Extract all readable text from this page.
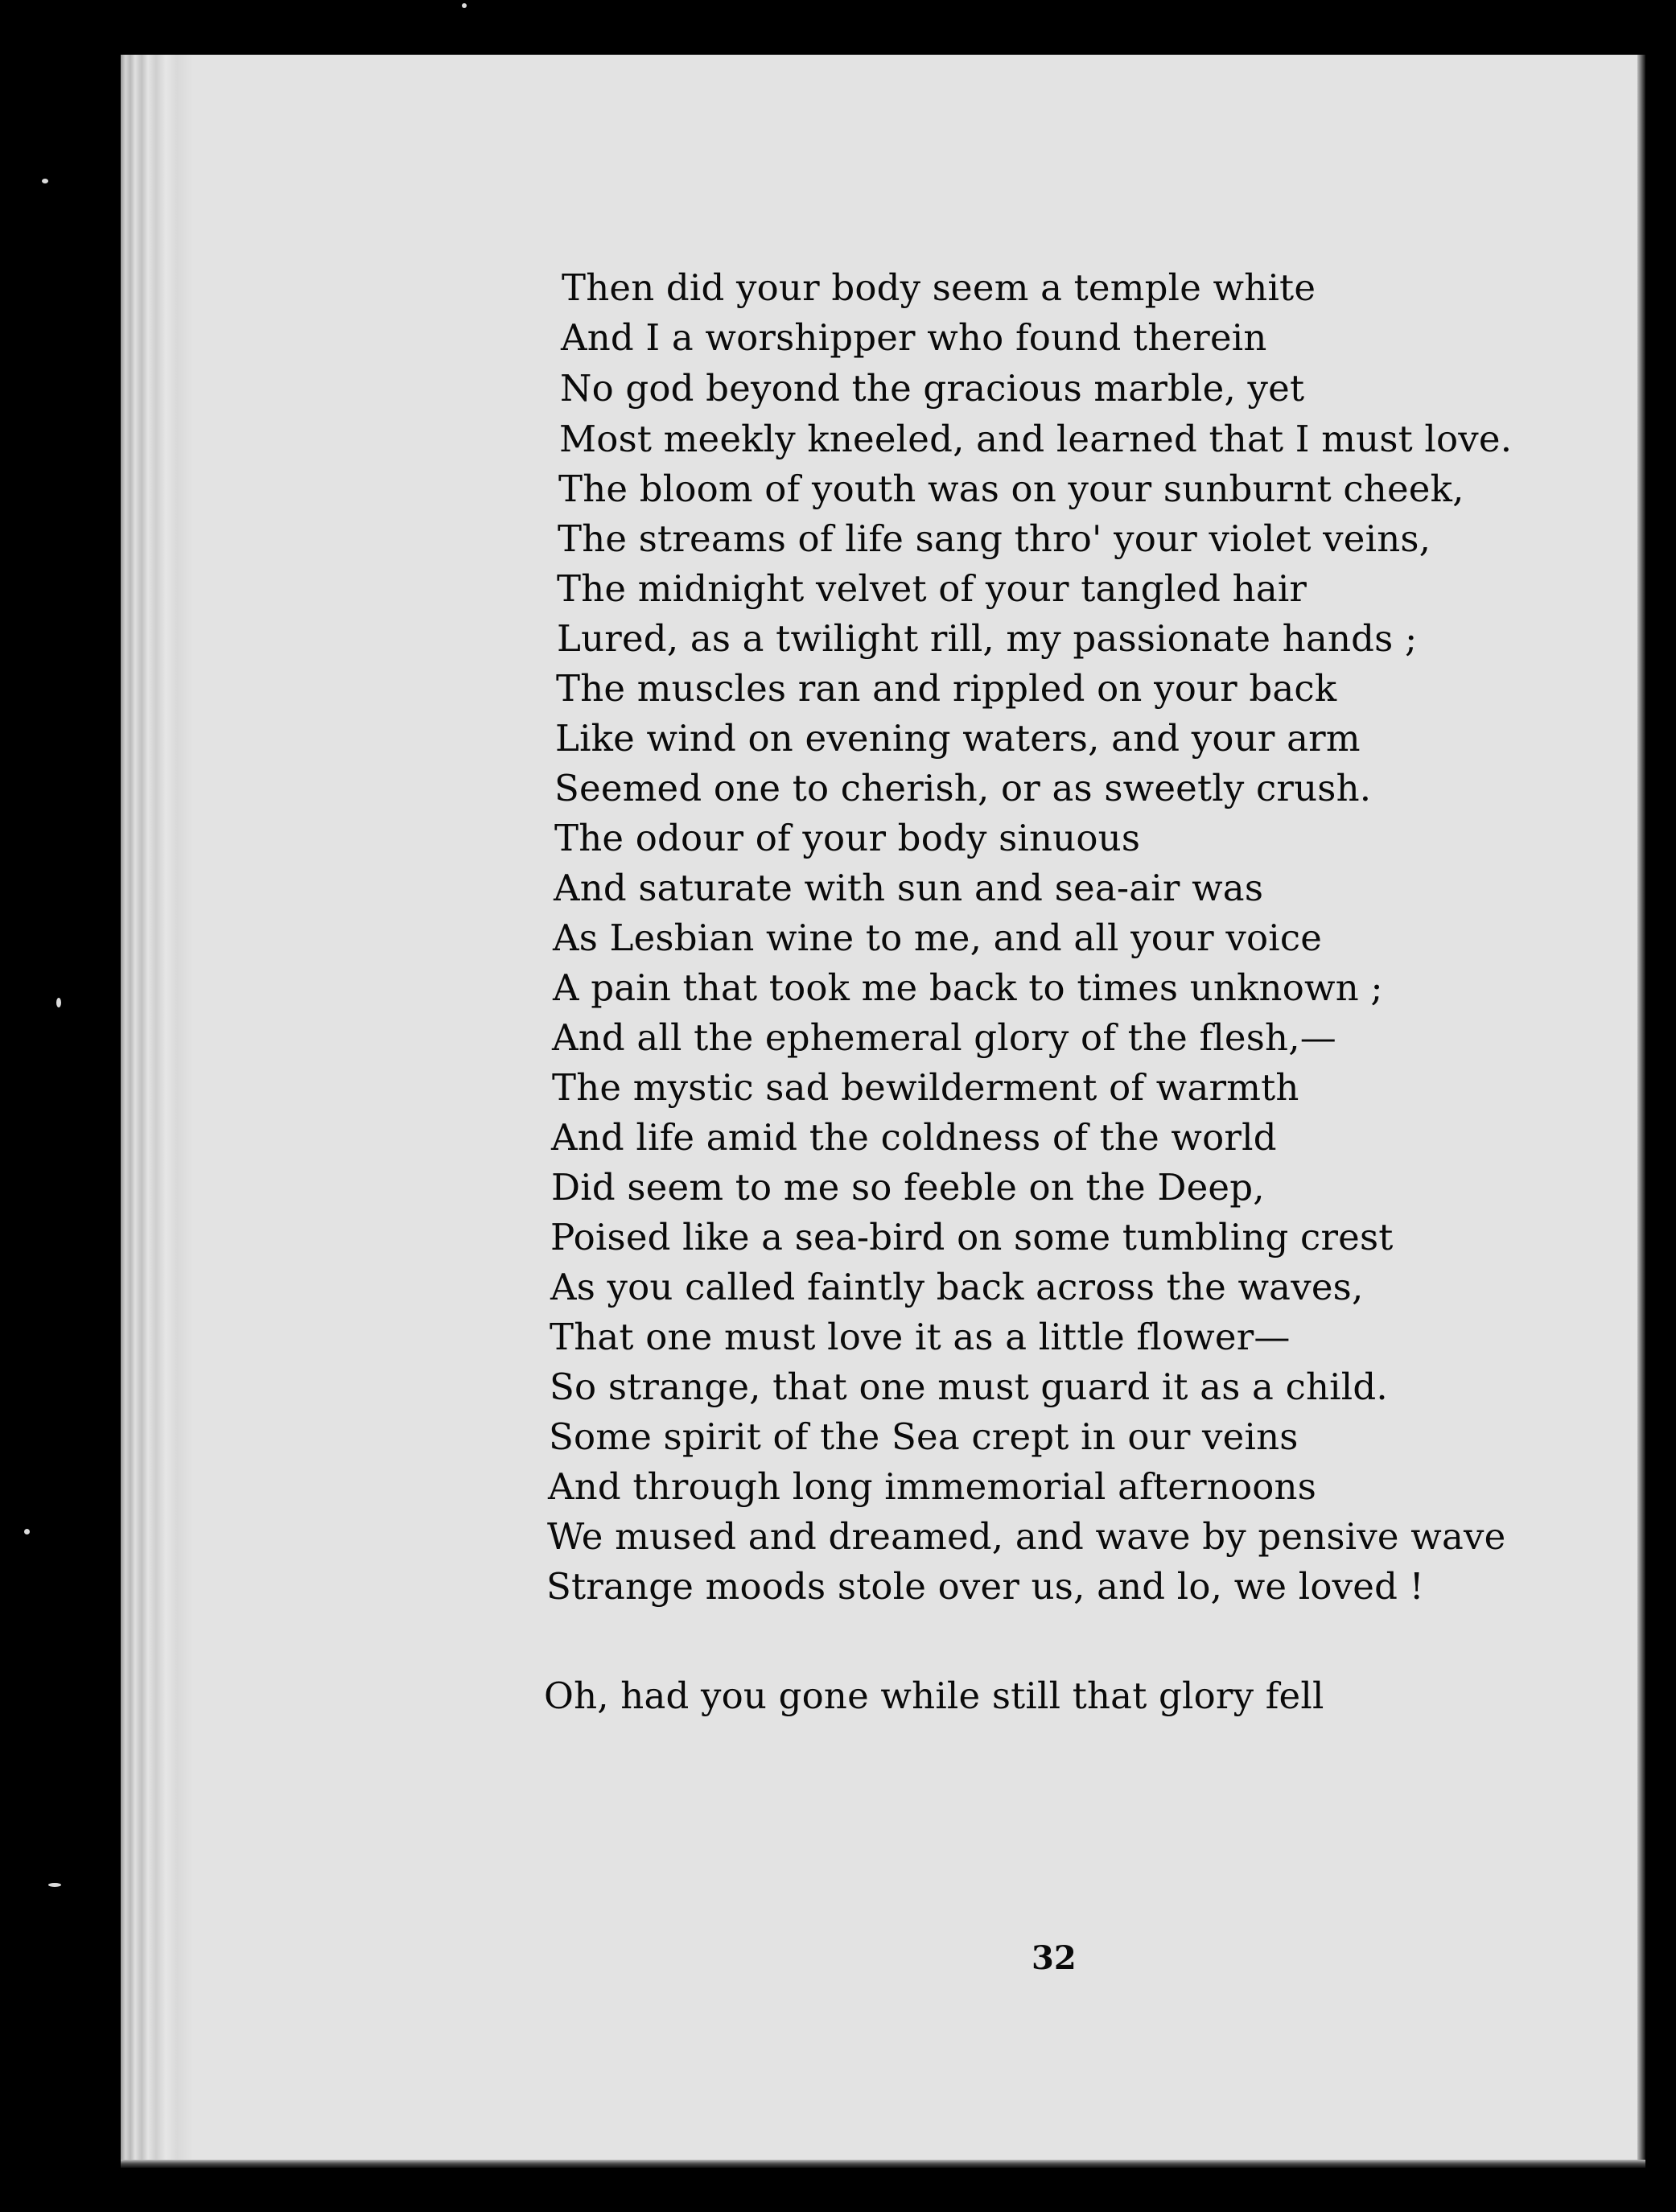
Then did your body seem a temple white
And I a worshipper who found therein
No god beyond the gracious marble, yet
Most meekly kneeled, and learned that I must love.
The bloom of youth was on your sunburnt cheek,
The streams of life sang thro' your violet veins,
The midnight velvet of your tangled hair
Lured, as a twilight rill, my passionate hands ;
The muscles ran and rippled on your back
Like wind on evening waters, and your arm
Seemed one to cherish, or as sweetly crush.
The odour of your body sinuous
And saturate with sun and sea-air was
As Lesbian wine to me, and all your voice
A pain that took me back to times unknown ;
And all the ephemeral glory of the flesh,—
The mystic sad bewilderment of warmth
And life amid the coldness of the world
Did seem to me so feeble on the Deep,
Poised like a sea-bird on some tumbling crest
As you called faintly back across the waves,
That one must love it as a little flower—
So strange, that one must guard it as a child.
Some spirit of the Sea crept in our veins
And through long immemorial afternoons
We mused and dreamed, and wave by pensive wave
Strange moods stole over us, and lo, we loved !
Oh, had you gone while still that glory fell
32
